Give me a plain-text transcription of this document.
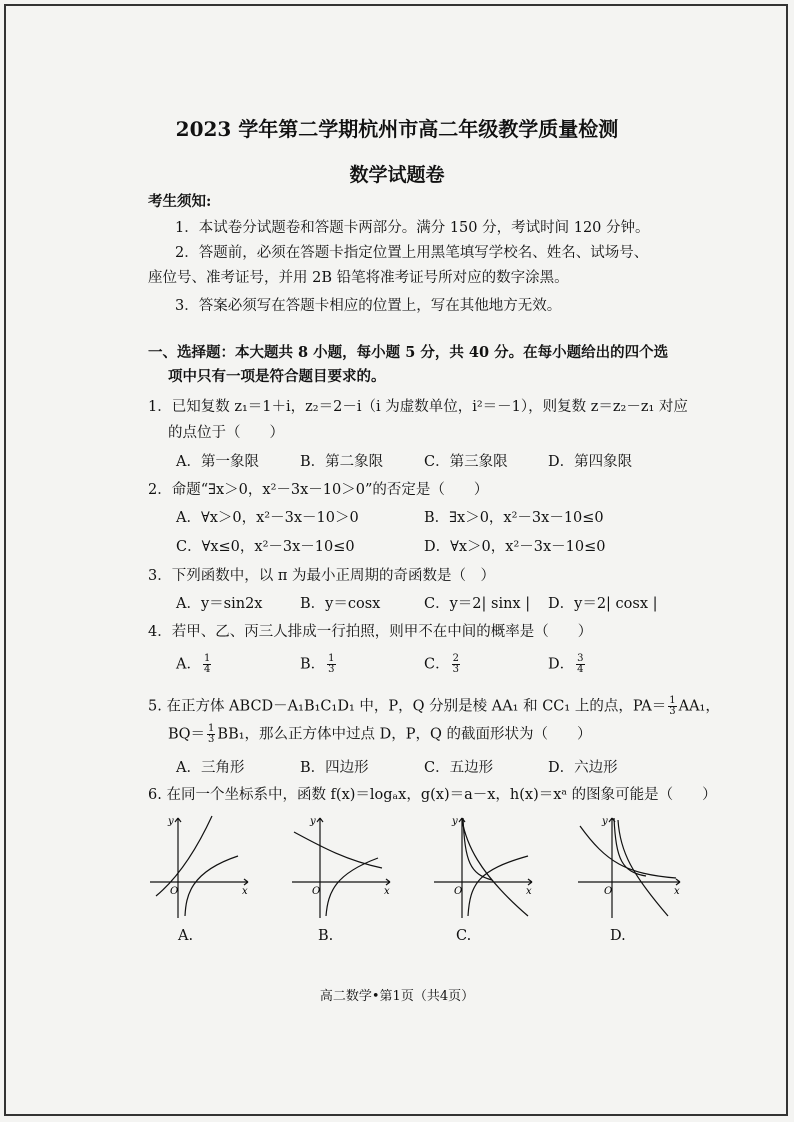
2023 学年第二学期杭州市高二年级教学质量检测
数学试题卷
考生须知:
1．本试卷分试题卷和答题卡两部分。满分 150 分，考试时间 120 分钟。
2．答题前，必须在答题卡指定位置上用黑笔填写学校名、姓名、试场号、
座位号、准考证号，并用 2B 铅笔将准考证号所对应的数字涂黑。
3．答案必须写在答题卡相应的位置上，写在其他地方无效。
一、选择题：本大题共 8 小题，每小题 5 分，共 40 分。在每小题给出的四个选
项中只有一项是符合题目要求的。
1．已知复数 z₁＝1＋i，z₂＝2－i（i 为虚数单位，i²＝－1），则复数 z＝z₂－z₁ 对应
的点位于（　　）
A．第一象限	B．第二象限	C．第三象限	D．第四象限
2．命题“∃x＞0，x²－3x－10＞0”的否定是（　　）
A．∀x＞0，x²－3x－10＞0	B．∃x＞0，x²－3x－10≤0
C．∀x≤0，x²－3x－10≤0	D．∀x＞0，x²－3x－10≤0
3．下列函数中，以 π 为最小正周期的奇函数是（　）
A．y＝sin2x	B．y＝cosx	C．y＝2| sinx | D．y＝2| cosx |
4．若甲、乙、丙三人排成一行拍照，则甲不在中间的概率是（　　）
A． $\frac{1}{4}$	B． $\frac{1}{3}$	C． $\frac{2}{3}$	D． $\frac{3}{4}$
5. 在正方体 ABCD－A₁B₁C₁D₁ 中，P，Q 分别是棱 AA₁ 和 CC₁ 上的点，$PA= \frac{1}{3} AA_1$，
$BQ= \frac{1}{3} BB_1$，那么正方体中过点 D，P，Q 的截面形状为（　　）
A．三角形	B．四边形	C．五边形	D．六边形
6. 在同一个坐标系中，函数 f(x)＝logₐx，g(x)＝a－x，h(x)＝xᵃ 的图象可能是（　　）
O
y
x	O
y
x	O
y
x	O
y
x
A.	B.	C.	D.
高二数学•第1页（共4页）
